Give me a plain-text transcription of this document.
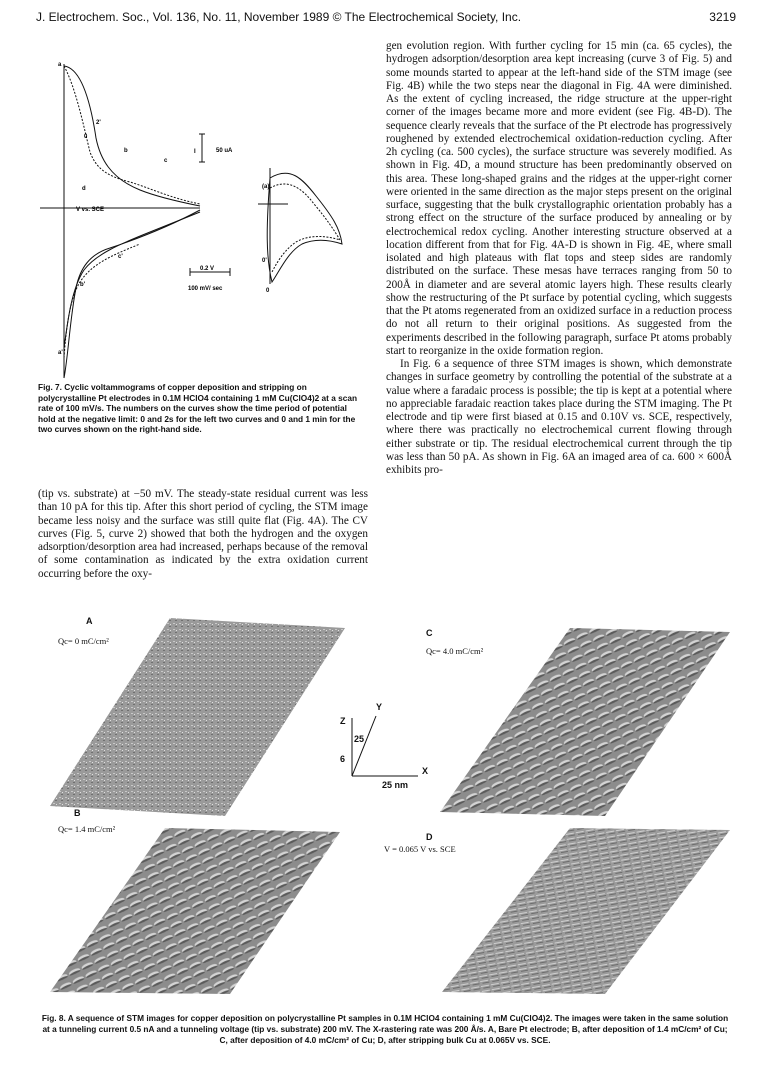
J. Electrochem. Soc., Vol. 136, No. 11, November 1989 © The Electrochemical Society, Inc.	3219
50 uA
I
V vs. SCE
0.2 V
100 mV/ sec
a
a'
b
b'
c
c'
d
0
2'
(a)
0
0'

Fig. 7. Cyclic voltammograms of copper deposition and stripping on polycrystalline Pt electrodes in 0.1M HClO4 containing 1 mM Cu(ClO4)2 at a scan rate of 100 mV/s. The numbers on the curves show the time period of potential hold at the negative limit: 0 and 2s for the left two curves and 0 and 1 min for the two curves shown on the right-hand side.

(tip vs. substrate) at −50 mV. The steady-state residual current was less than 10 pA for this tip. After this short period of cycling, the STM image became less noisy and the surface was still quite flat (Fig. 4A). The CV curves (Fig. 5, curve 2) showed that both the hydrogen and the oxygen adsorption/desorption area had increased, perhaps because of the removal of some contamination as indicated by the extra oxidation current occurring before the oxy-

gen evolution region. With further cycling for 15 min (ca. 65 cycles), the hydrogen adsorption/desorption area kept increasing (curve 3 of Fig. 5) and some mounds started to appear at the left-hand side of the STM image (see Fig. 4B) while the two steps near the diagonal in Fig. 4A were diminished. As the extent of cycling increased, the ridge structure at the upper-right corner of the images became more and more evident (see Fig. 4B-D). The sequence clearly reveals that the surface of the Pt electrode has progressively roughened by extended electrochemical oxidation-reduction cycling. After 2h cycling (ca. 500 cycles), the surface structure was severely modified. As shown in Fig. 4D, a mound structure has been predominantly observed on this area. These long-shaped grains and the ridges at the upper-right corner were oriented in the same direction as the major steps present on the original surface, suggesting that the bulk crystallographic orientation probably has a strong effect on the structure of the surface produced by annealing or by electrochemical redox cycling. Another interesting structure observed at a location different from that for Fig. 4A-D is shown in Fig. 4E, where small isolated and high plateaus with flat tops and steep sides are randomly distributed on the surface. These mesas have terraces ranging from 50 to 200Å in diameter and are several atomic layers high. These results clearly show the restructuring of the Pt surface by potential cycling, which suggests that the Pt atoms regenerated from an oxidized surface in a reduction process do not all return to their original positions. As suggested from the experiments described in the following paragraph, surface Pt atoms probably start to reorganize in the oxide formation region.

In Fig. 6 a sequence of three STM images is shown, which demonstrate changes in surface geometry by controlling the potential of the substrate at a value where a faradaic process is possible; the tip is kept at a potential where no appreciable faradaic reaction takes place during the STM imaging. The Pt electrode and tip were first biased at 0.15 and 0.10V vs. SCE, respectively, where there was practically no electrochemical current flowing through either substrate or tip. The residual electrochemical current through the tip was less than 50 pA. As shown in Fig. 6A an imaged area of ca. 600 × 600Å exhibits pro-

A
Qc= 0 mC/cm²
C
Qc= 4.0 mC/cm²
B
Qc= 1.4 mC/cm²
D
V = 0.065 V vs. SCE
Z
Y
X
6
25
25 nm

Fig. 8. A sequence of STM images for copper deposition on polycrystalline Pt samples in 0.1M HClO4 containing 1 mM Cu(ClO4)2. The images were taken in the same solution at a tunneling current 0.5 nA and a tunneling voltage (tip vs. substrate) 200 mV. The X-rastering rate was 200 Å/s. A, Bare Pt electrode; B, after deposition of 1.4 mC/cm² of Cu; C, after deposition of 4.0 mC/cm² of Cu; D, after stripping bulk Cu at 0.065V vs. SCE.
